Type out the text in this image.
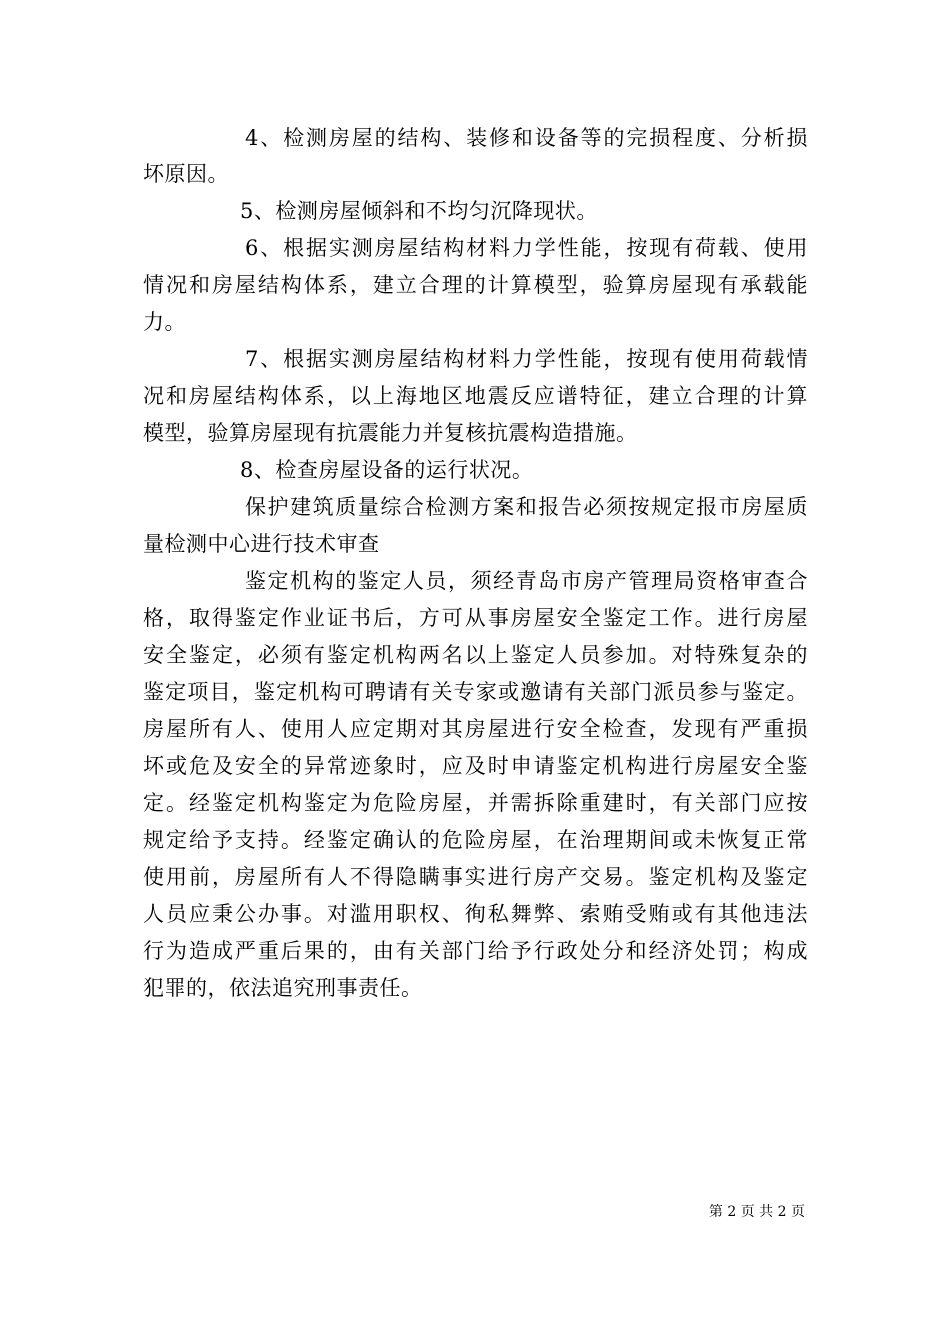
4、检测房屋的结构、装修和设备等的完损程度、分析损
坏原因。
5、检测房屋倾斜和不均匀沉降现状。
6、根据实测房屋结构材料力学性能，按现有荷载、使用
情况和房屋结构体系，建立合理的计算模型，验算房屋现有承载能
力。
7、根据实测房屋结构材料力学性能，按现有使用荷载情
况和房屋结构体系，以上海地区地震反应谱特征，建立合理的计算
模型，验算房屋现有抗震能力并复核抗震构造措施。
8、检查房屋设备的运行状况。
保护建筑质量综合检测方案和报告必须按规定报市房屋质
量检测中心进行技术审查
鉴定机构的鉴定人员，须经青岛市房产管理局资格审查合
格，取得鉴定作业证书后，方可从事房屋安全鉴定工作。进行房屋
安全鉴定，必须有鉴定机构两名以上鉴定人员参加。对特殊复杂的
鉴定项目，鉴定机构可聘请有关专家或邀请有关部门派员参与鉴定。
房屋所有人、使用人应定期对其房屋进行安全检查，发现有严重损
坏或危及安全的异常迹象时，应及时申请鉴定机构进行房屋安全鉴
定。经鉴定机构鉴定为危险房屋，并需拆除重建时，有关部门应按
规定给予支持。经鉴定确认的危险房屋，在治理期间或未恢复正常
使用前，房屋所有人不得隐瞒事实进行房产交易。鉴定机构及鉴定
人员应秉公办事。对滥用职权、徇私舞弊、索贿受贿或有其他违法
行为造成严重后果的，由有关部门给予行政处分和经济处罚；构成
犯罪的，依法追究刑事责任。
第 2 页 共 2 页
